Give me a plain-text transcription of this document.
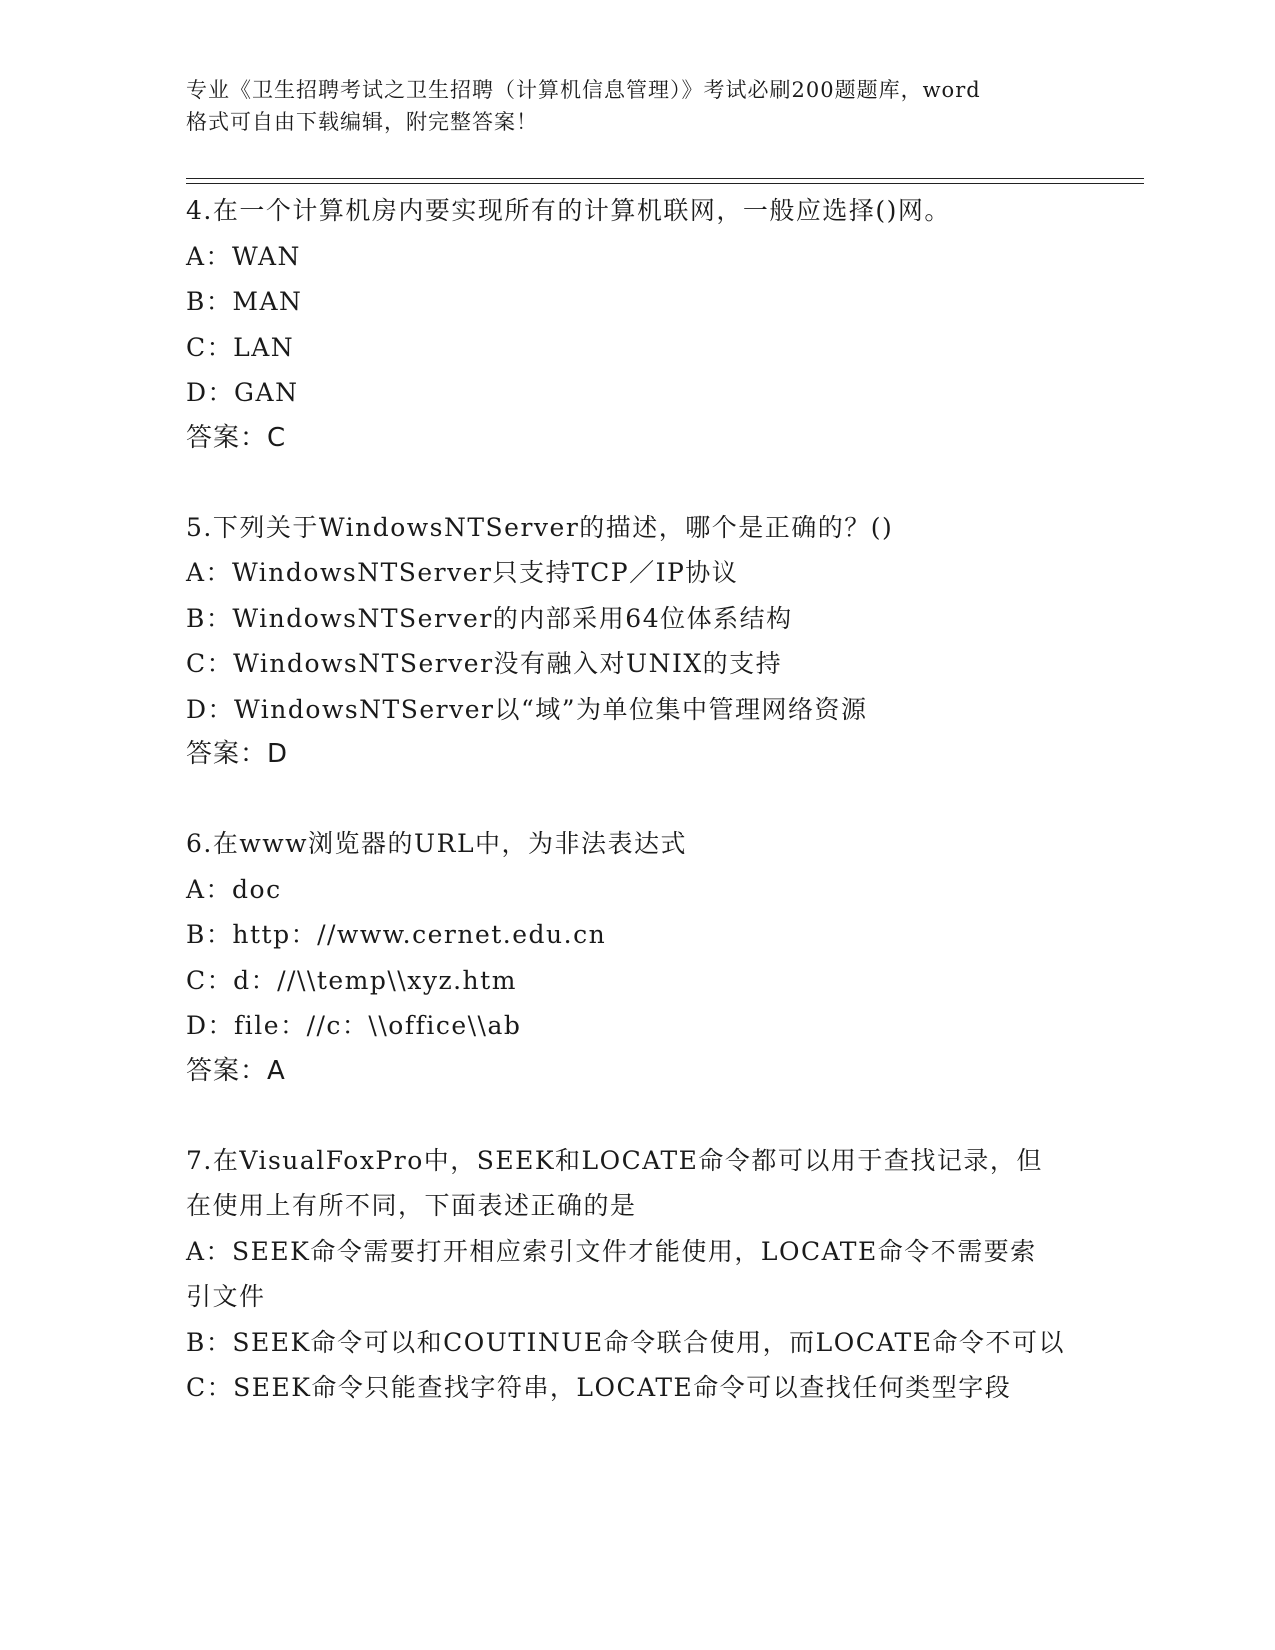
专业《卫生招聘考试之卫生招聘（计算机信息管理）》考试必刷200题题库，word
格式可自由下载编辑，附完整答案！
4.在一个计算机房内要实现所有的计算机联网，一般应选择()网。
A：WAN
B：MAN
C：LAN
D：GAN
答案：C
5.下列关于WindowsNTServer的描述，哪个是正确的？()
A：WindowsNTServer只支持TCP／IP协议
B：WindowsNTServer的内部采用64位体系结构
C：WindowsNTServer没有融入对UNIX的支持
D：WindowsNTServer以“域”为单位集中管理网络资源
答案：D
6.在www浏览器的URL中，为非法表达式
A：doc
B：http：//www.cernet.edu.cn
C：d：//\\temp\\xyz.htm
D：file：//c：\\office\\ab
答案：A
7.在VisualFoxPro中，SEEK和LOCATE命令都可以用于查找记录，但
在使用上有所不同，下面表述正确的是
A：SEEK命令需要打开相应索引文件才能使用，LOCATE命令不需要索
引文件
B：SEEK命令可以和COUTINUE命令联合使用，而LOCATE命令不可以
C：SEEK命令只能查找字符串，LOCATE命令可以查找任何类型字段
